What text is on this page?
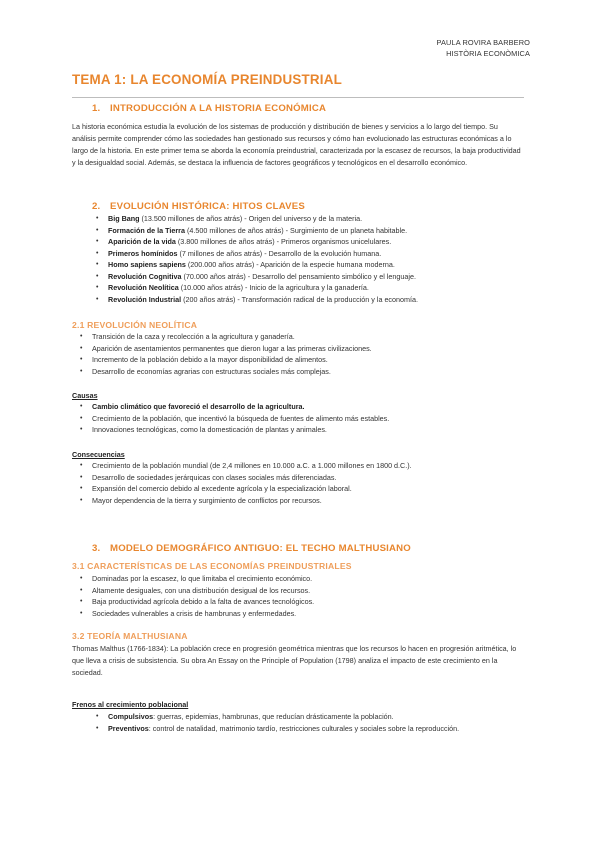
PAULA ROVIRA BARBERO
HISTÒRIA ECONÒMICA
TEMA 1: LA ECONOMÍA PREINDUSTRIAL
1. INTRODUCCIÓN A LA HISTORIA ECONÓMICA
La historia económica estudia la evolución de los sistemas de producción y distribución de bienes y servicios a lo largo del tiempo. Su análisis permite comprender cómo las sociedades han gestionado sus recursos y cómo han evolucionado las estructuras económicas a lo largo de la historia. En este primer tema se aborda la economía preindustrial, caracterizada por la escasez de recursos, la baja productividad y la desigualdad social. Además, se destaca la influencia de factores geográficos y tecnológicos en el desarrollo económico.
2. EVOLUCIÓN HISTÓRICA: HITOS CLAVES
• Big Bang (13.500 millones de años atrás) - Origen del universo y de la materia.
• Formación de la Tierra (4.500 millones de años atrás) - Surgimiento de un planeta habitable.
• Aparición de la vida (3.800 millones de años atrás) - Primeros organismos unicelulares.
• Primeros homínidos (7 millones de años atrás) - Desarrollo de la evolución humana.
• Homo sapiens sapiens (200.000 años atrás) - Aparición de la especie humana moderna.
• Revolución Cognitiva (70.000 años atrás) - Desarrollo del pensamiento simbólico y el lenguaje.
• Revolución Neolítica (10.000 años atrás) - Inicio de la agricultura y la ganadería.
• Revolución Industrial (200 años atrás) - Transformación radical de la producción y la economía.
2.1 REVOLUCIÓN NEOLÍTICA
• Transición de la caza y recolección a la agricultura y ganadería.
• Aparición de asentamientos permanentes que dieron lugar a las primeras civilizaciones.
• Incremento de la población debido a la mayor disponibilidad de alimentos.
• Desarrollo de economías agrarias con estructuras sociales más complejas.
Causas
• Cambio climático que favoreció el desarrollo de la agricultura.
• Crecimiento de la población, que incentivó la búsqueda de fuentes de alimento más estables.
• Innovaciones tecnológicas, como la domesticación de plantas y animales.
Consecuencias
• Crecimiento de la población mundial (de 2,4 millones en 10.000 a.C. a 1.000 millones en 1800 d.C.).
• Desarrollo de sociedades jerárquicas con clases sociales más diferenciadas.
• Expansión del comercio debido al excedente agrícola y la especialización laboral.
• Mayor dependencia de la tierra y surgimiento de conflictos por recursos.
3. MODELO DEMOGRÁFICO ANTIGUO: EL TECHO MALTHUSIANO
3.1 CARACTERÍSTICAS DE LAS ECONOMÍAS PREINDUSTRIALES
• Dominadas por la escasez, lo que limitaba el crecimiento económico.
• Altamente desiguales, con una distribución desigual de los recursos.
• Baja productividad agrícola debido a la falta de avances tecnológicos.
• Sociedades vulnerables a crisis de hambrunas y enfermedades.
3.2 TEORÍA MALTHUSIANA
Thomas Malthus (1766-1834): La población crece en progresión geométrica mientras que los recursos lo hacen en progresión aritmética, lo que lleva a crisis de subsistencia. Su obra An Essay on the Principle of Population (1798) analiza el impacto de este crecimiento en la sociedad.
Frenos al crecimiento poblacional
• Compulsivos: guerras, epidemias, hambrunas, que reducían drásticamente la población.
• Preventivos: control de natalidad, matrimonio tardío, restricciones culturales y sociales sobre la reproducción.
